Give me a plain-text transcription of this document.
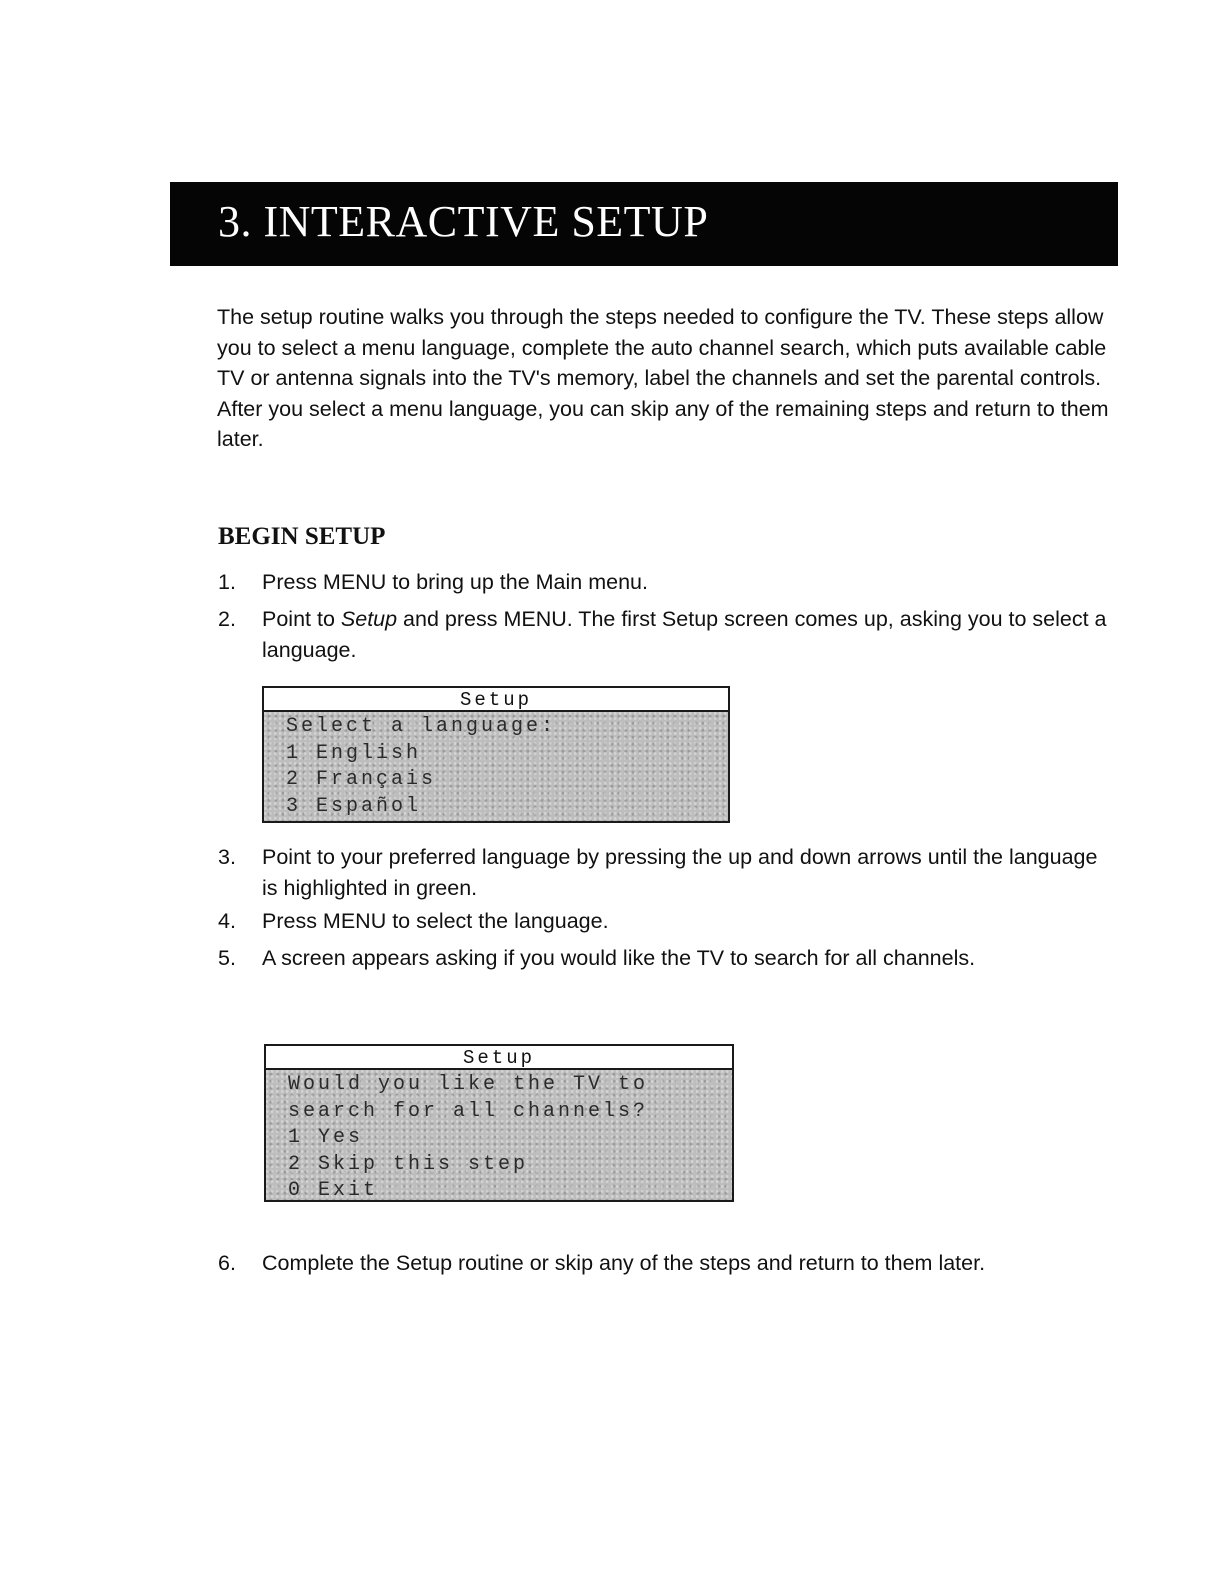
3. INTERACTIVE SETUP

The setup routine walks you through the steps needed to configure the TV. These steps allow you to select a menu language, complete the auto channel search, which puts available cable TV or antenna signals into the TV's memory, label the channels and set the parental controls. After you select a menu language, you can skip any of the remaining steps and return to them later.

BEGIN SETUP
1.	Press MENU to bring up the Main menu.
2.	Point to Setup and press MENU. The first Setup screen comes up, asking you to select a language.
Setup
Select a language:
1 English
2 Français
3 Español
3.	Point to your preferred language by pressing the up and down arrows until the language is highlighted in green.
4.	Press MENU to select the language.
5.	A screen appears asking if you would like the TV to search for all channels.
Setup
Would you like the TV to
search for all channels?
1 Yes
2 Skip this step
0 Exit
6.	Complete the Setup routine or skip any of the steps and return to them later.
